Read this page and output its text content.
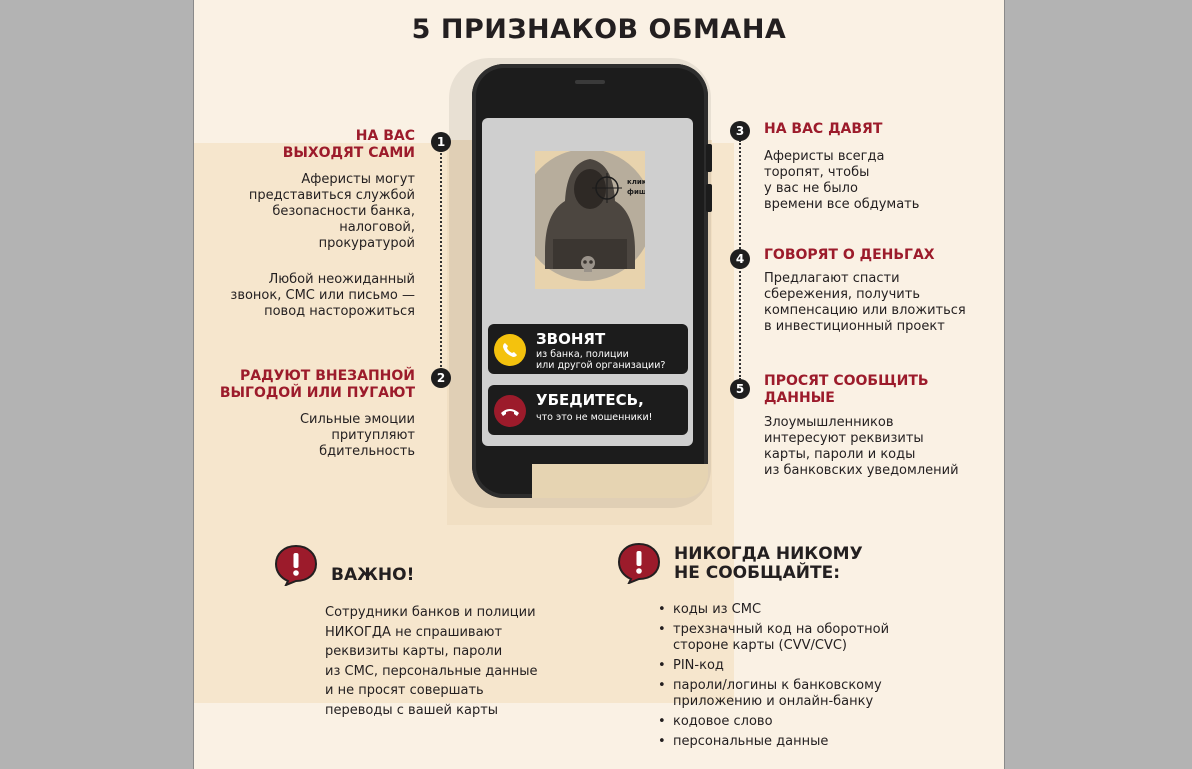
5 ПРИЗНАКОВ ОБМАНА
1
НА ВАС
ВЫХОДЯТ САМИ
Аферисты могут
представиться службой
безопасности банка,
налоговой,
прокуратурой
Любой неожиданный
звонок, СМС или письмо —
повод насторожиться
2
РАДУЮТ ВНЕЗАПНОЙ
ВЫГОДОЙ ИЛИ ПУГАЮТ
Сильные эмоции
притупляют
бдительность
3	НА ВАС ДАВЯТ
Аферисты всегда
торопят, чтобы
у вас не было
времени все обдумать
4	ГОВОРЯТ О ДЕНЬГАХ
Предлагают спасти
сбережения, получить
компенсацию или вложиться
в инвестиционный проект
5	ПРОСЯТ СООБЩИТЬ
ДАННЫЕ
Злоумышленников
интересуют реквизиты
карты, пароли и коды
из банковских уведомлений
клик
фиш
ЗВОНЯТ
из банка, полиции
или другой организации?
УБЕДИТЕСЬ,
что это не мошенники!
ВАЖНО!
Сотрудники банков и полиции
НИКОГДА не спрашивают
реквизиты карты, пароли
из СМС, персональные данные
и не просят совершать
переводы с вашей карты
НИКОГДА НИКОМУ
НЕ СООБЩАЙТЕ:
• коды из СМС
• трехзначный код на оборотной
стороне карты (CVV/CVC)
• PIN-код
• пароли/логины к банковскому
приложению и онлайн-банку
• кодовое слово
• персональные данные
